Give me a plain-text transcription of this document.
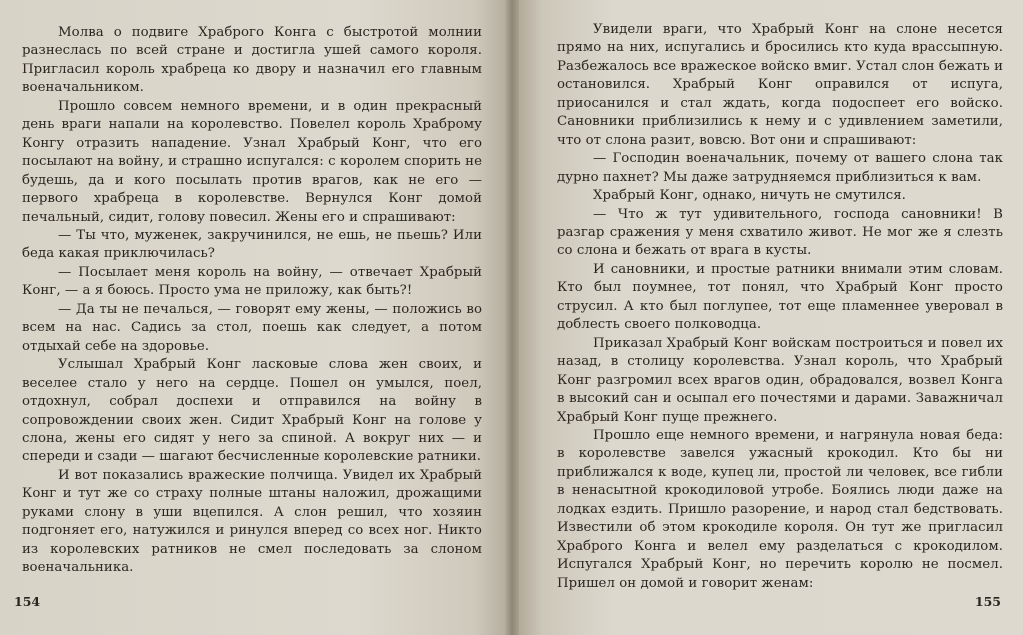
Молва о подвиге Храброго Конга с быстротой молнии разнеслась по всей стране и достигла ушей самого короля. Пригласил король храбреца ко двору и назначил его главным военачальником.

Прошло совсем немного времени, и в один прекрасный день враги напали на королевство. Повелел король Храброму Конгу отразить нападение. Узнал Храбрый Конг, что его посылают на войну, и страшно испугался: с королем спорить не будешь, да и кого посылать против врагов, как не его — первого храбреца в королевстве. Вернулся Конг домой печальный, сидит, голову повесил. Жены его и спрашивают:

— Ты что, муженек, закручинился, не ешь, не пьешь? Или беда какая приключилась?

— Посылает меня король на войну, — отвечает Храбрый Конг, — а я боюсь. Просто ума не приложу, как быть?!

— Да ты не печалься, — говорят ему жены, — положись во всем на нас. Садись за стол, поешь как следует, а потом отдыхай себе на здоровье.

Услышал Храбрый Конг ласковые слова жен своих, и веселее стало у него на сердце. Пошел он умылся, поел, отдохнул, собрал доспехи и отправился на войну в сопровождении своих жен. Сидит Храбрый Конг на голове у слона, жены его сидят у него за спиной. А вокруг них — и спереди и сзади — шагают бесчисленные королевские ратники.

И вот показались вражеские полчища. Увидел их Храбрый Конг и тут же со страху полные штаны наложил, дрожащими руками слону в уши вцепился. А слон решил, что хозяин подгоняет его, натужился и ринулся вперед со всех ног. Никто из королевских ратников не смел последовать за слоном военачальника.

154

Увидели враги, что Храбрый Конг на слоне несется прямо на них, испугались и бросились кто куда врассыпную. Разбежалось все вражеское войско вмиг. Устал слон бежать и остановился. Храбрый Конг оправился от испуга, приосанился и стал ждать, когда подоспеет его войско. Сановники приблизились к нему и с удивлением заметили, что от слона разит, вовсю. Вот они и спрашивают:

— Господин военачальник, почему от вашего слона так дурно пахнет? Мы даже затрудняемся приблизиться к вам.

Храбрый Конг, однако, ничуть не смутился.

— Что ж тут удивительного, господа сановники! В разгар сражения у меня схватило живот. Не мог же я слезть со слона и бежать от врага в кусты.

И сановники, и простые ратники внимали этим словам. Кто был поумнее, тот понял, что Храбрый Конг просто струсил. А кто был поглупее, тот еще пламеннее уверовал в доблесть своего полководца.

Приказал Храбрый Конг войскам построиться и повел их назад, в столицу королевства. Узнал король, что Храбрый Конг разгромил всех врагов один, обрадовался, возвел Конга в высокий сан и осыпал его почестями и дарами. Заважничал Храбрый Конг пуще прежнего.

Прошло еще немного времени, и нагрянула новая беда: в королевстве завелся ужасный крокодил. Кто бы ни приближался к воде, купец ли, простой ли человек, все гибли в ненасытной крокодиловой утробе. Боялись люди даже на лодках ездить. Пришло разорение, и народ стал бедствовать. Известили об этом крокодиле короля. Он тут же пригласил Храброго Конга и велел ему разделаться с крокодилом. Испугался Храбрый Конг, но перечить королю не посмел. Пришел он домой и говорит женам:

155
